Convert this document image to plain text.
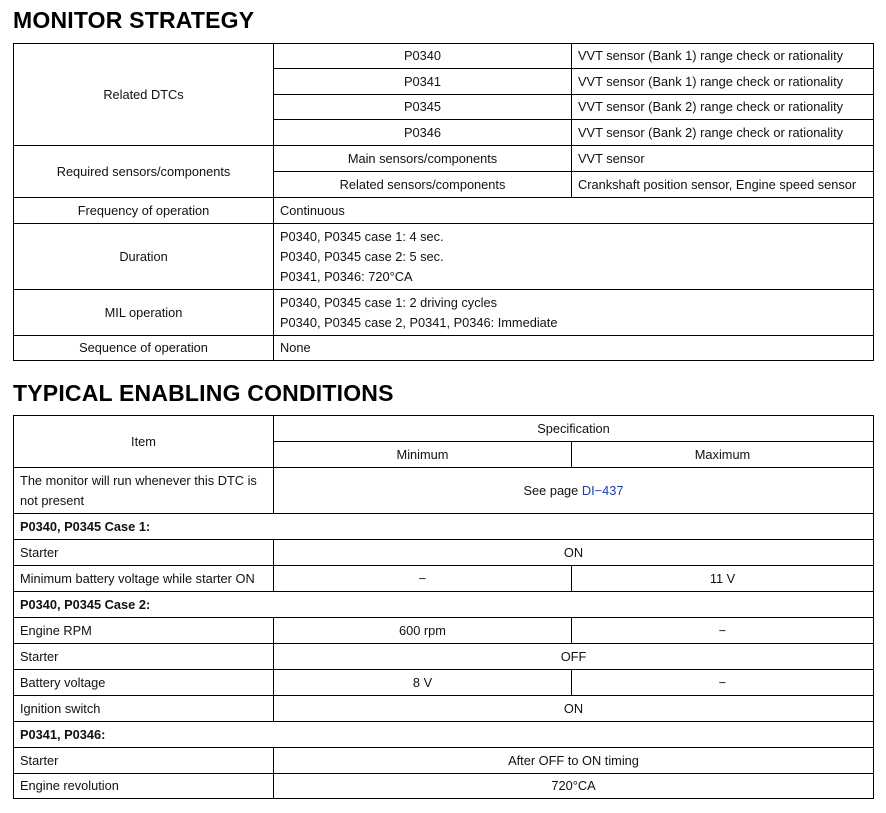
MONITOR STRATEGY
Related DTCs	P0340	VVT sensor (Bank 1) range check or rationality
	P0341	VVT sensor (Bank 1) range check or rationality
	P0345	VVT sensor (Bank 2) range check or rationality
	P0346	VVT sensor (Bank 2) range check or rationality
Required sensors/components	Main sensors/components	VVT sensor
	Related sensors/components	Crankshaft position sensor, Engine speed sensor
Frequency of operation	Continuous	
Duration	P0340, P0345 case 1: 4 sec.
P0340, P0345 case 2: 5 sec.
P0341, P0346: 720°CA	

MIL operation	P0340, P0345 case 1: 2 driving cycles
P0340, P0345 case 2, P0341, P0346: Immediate	

Sequence of operation	None	
TYPICAL ENABLING CONDITIONS
Item	Specification	
	Minimum	Maximum
The monitor will run whenever this DTC is not present	See page DI−437	
P0340, P0345 Case 1:		
Starter	ON	
Minimum battery voltage while starter ON	−	11 V
P0340, P0345 Case 2:		
Engine RPM	600 rpm	−
Starter	OFF	
Battery voltage	8 V	−
Ignition switch	ON	
P0341, P0346:		
Starter	After OFF to ON timing	
Engine revolution	720°CA	
